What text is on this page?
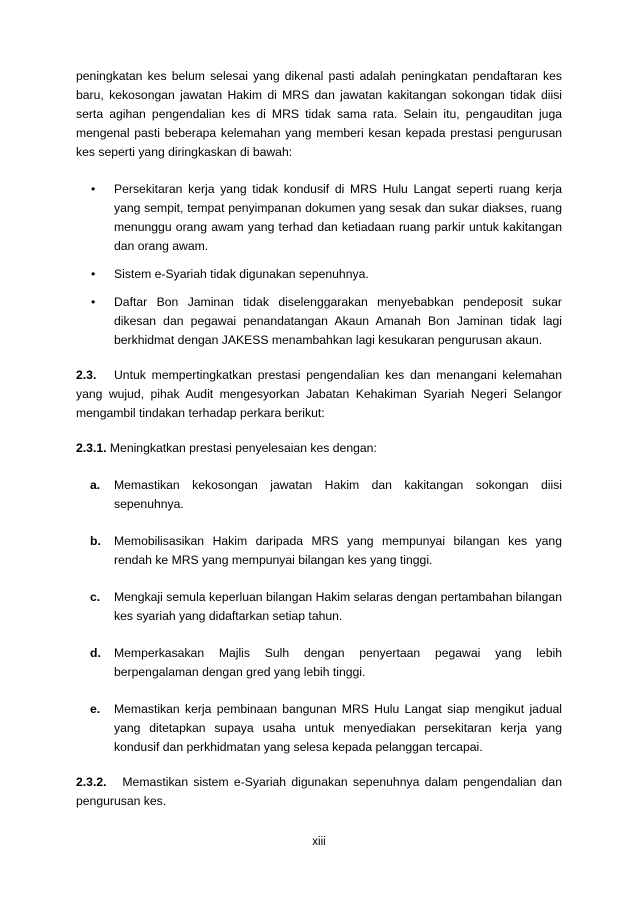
peningkatan kes belum selesai yang dikenal pasti adalah peningkatan pendaftaran kes baru, kekosongan jawatan Hakim di MRS dan jawatan kakitangan sokongan tidak diisi serta agihan pengendalian kes di MRS tidak sama rata. Selain itu, pengauditan juga mengenal pasti beberapa kelemahan yang memberi kesan kepada prestasi pengurusan kes seperti yang diringkaskan di bawah:

• Persekitaran kerja yang tidak kondusif di MRS Hulu Langat seperti ruang kerja yang sempit, tempat penyimpanan dokumen yang sesak dan sukar diakses, ruang menunggu orang awam yang terhad dan ketiadaan ruang parkir untuk kakitangan dan orang awam.
• Sistem e-Syariah tidak digunakan sepenuhnya.
• Daftar Bon Jaminan tidak diselenggarakan menyebabkan pendeposit sukar dikesan dan pegawai penandatangan Akaun Amanah Bon Jaminan tidak lagi berkhidmat dengan JAKESS menambahkan lagi kesukaran pengurusan akaun.

2.3. Untuk mempertingkatkan prestasi pengendalian kes dan menangani kelemahan yang wujud, pihak Audit mengesyorkan Jabatan Kehakiman Syariah Negeri Selangor mengambil tindakan terhadap perkara berikut:

2.3.1. Meningkatkan prestasi penyelesaian kes dengan:

a. Memastikan kekosongan jawatan Hakim dan kakitangan sokongan diisi
sepenuhnya.
b. Memobilisasikan Hakim daripada MRS yang mempunyai bilangan kes yang rendah ke MRS yang mempunyai bilangan kes yang tinggi.
c. Mengkaji semula keperluan bilangan Hakim selaras dengan pertambahan bilangan kes syariah yang didaftarkan setiap tahun.
d. Memperkasakan Majlis Sulh dengan penyertaan pegawai yang lebih berpengalaman dengan gred yang lebih tinggi.
e. Memastikan kerja pembinaan bangunan MRS Hulu Langat siap mengikut jadual yang ditetapkan supaya usaha untuk menyediakan persekitaran kerja yang kondusif dan perkhidmatan yang selesa kepada pelanggan tercapai.

2.3.2. Memastikan sistem e-Syariah digunakan sepenuhnya dalam pengendalian dan pengurusan kes.

xiii
